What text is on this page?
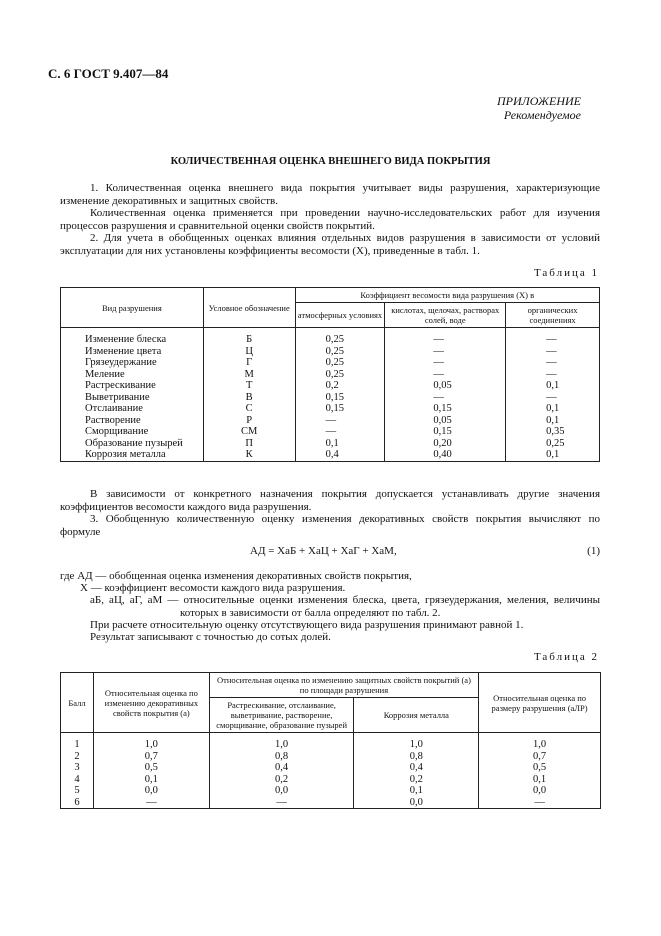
С. 6 ГОСТ 9.407—84
ПРИЛОЖЕНИЕ
Рекомендуемое
КОЛИЧЕСТВЕННАЯ ОЦЕНКА ВНЕШНЕГО ВИДА ПОКРЫТИЯ
1. Количественная оценка внешнего вида покрытия учитывает виды разрушения, характеризующие изменение декоративных и защитных свойств.
Количественная оценка применяется при проведении научно-исследовательских работ для изучения процессов разрушения и сравнительной оценки свойств покрытий.
2. Для учета в обобщенных оценках влияния отдельных видов разрушения в зависимости от условий эксплуатации для них установлены коэффициенты весомости (X), приведенные в табл. 1.
Таблица 1
Вид разрушения	Условное обозначение	Коэффициент весомости вида разрушения (X) в		
		атмосферных условиях	кислотах, щелочах, растворах солей, воде	органических соединениях
Изменение блеска	Б	0,25	—	—
Изменение цвета	Ц	0,25	—	—
Грязеудержание	Г	0,25	—	—
Меление	М	0,25	—	—
Растрескивание	Т	0,2	0,05	0,1
Выветривание	В	0,15	—	—
Отслаивание	С	0,15	0,15	0,1
Растворение	Р	—	0,05	0,1
Сморщивание	СМ	—	0,15	0,35
Образование пузырей	П	0,1	0,20	0,25
Коррозия металла	К	0,4	0,40	0,1
В зависимости от конкретного назначения покрытия допускается устанавливать другие значения коэффициентов весомости каждого вида разрушения.
3. Обобщенную количественную оценку изменения декоративных свойств покрытия вычисляют по формуле
АД = ХаБ + ХаЦ + ХаГ + ХаМ,	(1)
где АД — обобщенная оценка изменения декоративных свойств покрытия,
Х — коэффициент весомости каждого вида разрушения.
аБ, аЦ, аГ, аМ — относительные оценки изменения блеска, цвета, грязеудержания, меления, величины которых в зависимости от балла определяют по табл. 2.
При расчете относительную оценку отсутствующего вида разрушения принимают равной 1.
Результат записывают с точностью до сотых долей.
Таблица 2
Балл	Относительная оценка по изменению декоративных свойств покрытия (а)	Относительная оценка по изменению защитных свойств покрытий (а) по площади разрушения		Относительная оценка по размеру разрушения (аЛР)
		Растрескивание, отслаивание, выветривание, растворение, сморщивание, образование пузырей	Коррозия металла	
1	1,0	1,0	1,0	1,0
2	0,7	0,8	0,8	0,7
3	0,5	0,4	0,4	0,5
4	0,1	0,2	0,2	0,1
5	0,0	0,0	0,1	0,0
6	—	—	0,0	—
